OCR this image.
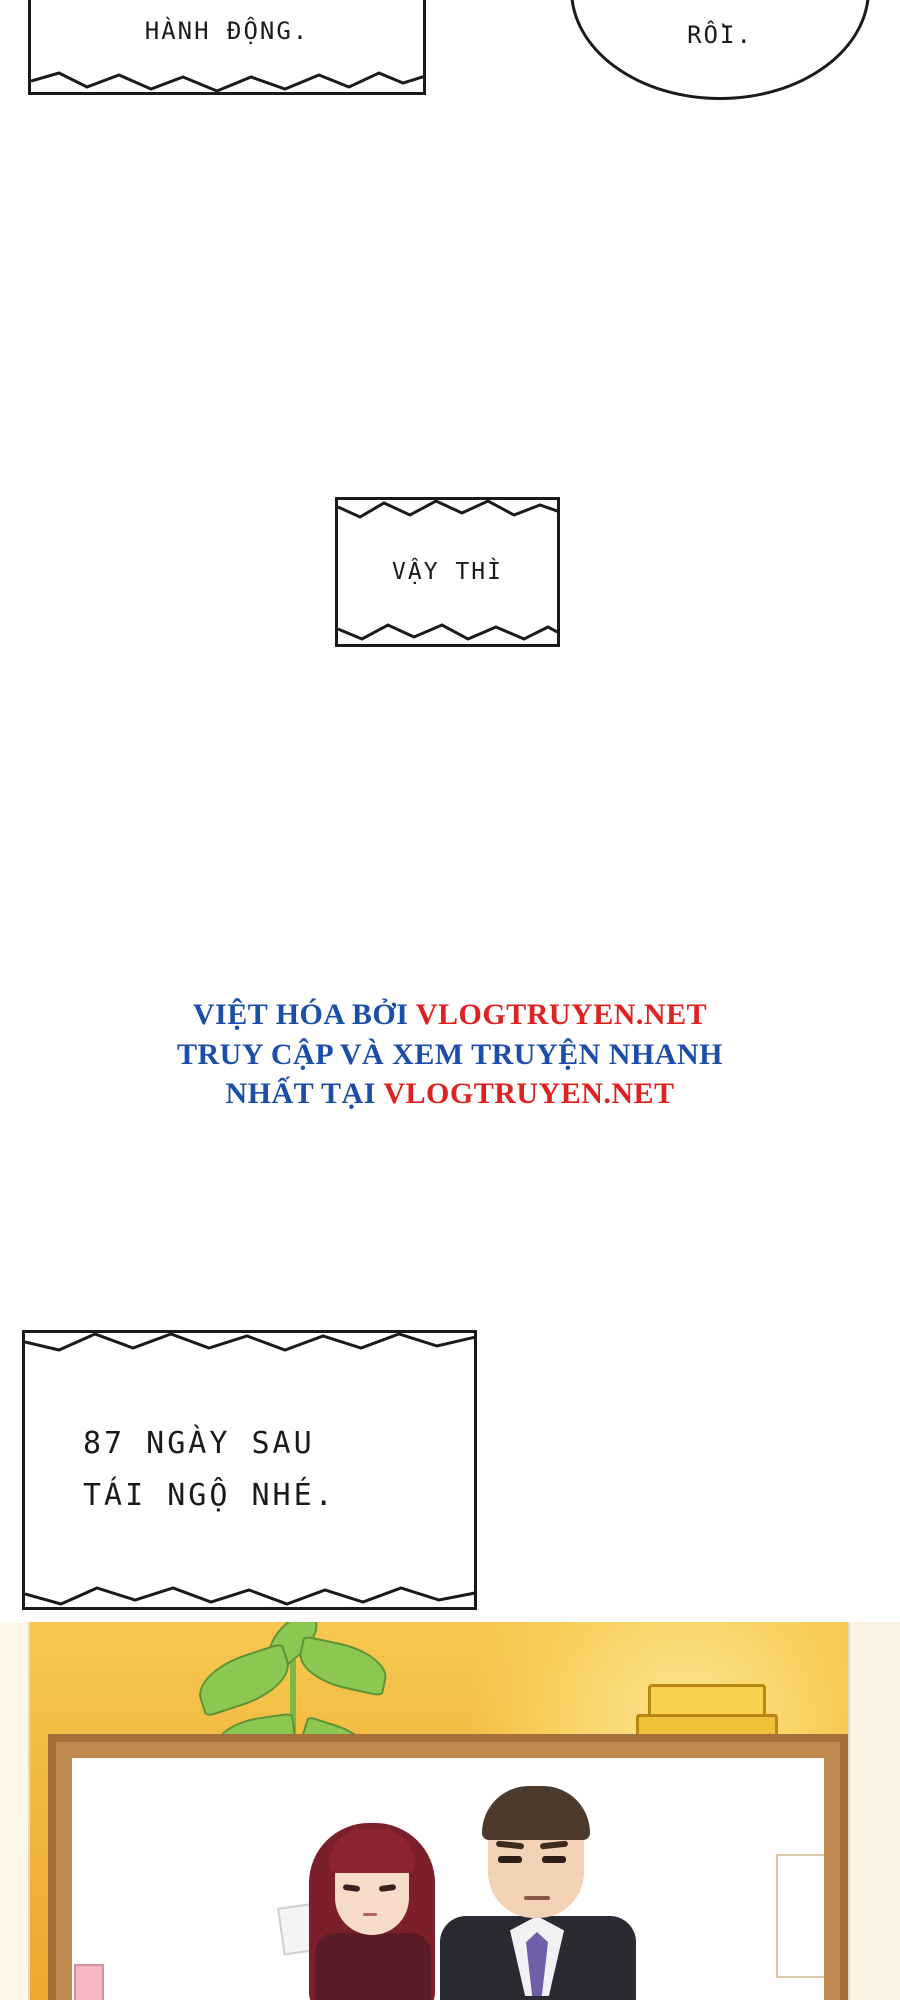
HÀNH ĐỘNG.	RỒI.
VẬY THÌ
VIỆT HÓA BỞI VLOGTRUYEN.NET
TRUY CẬP VÀ XEM TRUYỆN NHANH
NHẤT TẠI VLOGTRUYEN.NET
87 NGÀY SAU
TÁI NGỘ NHÉ.
